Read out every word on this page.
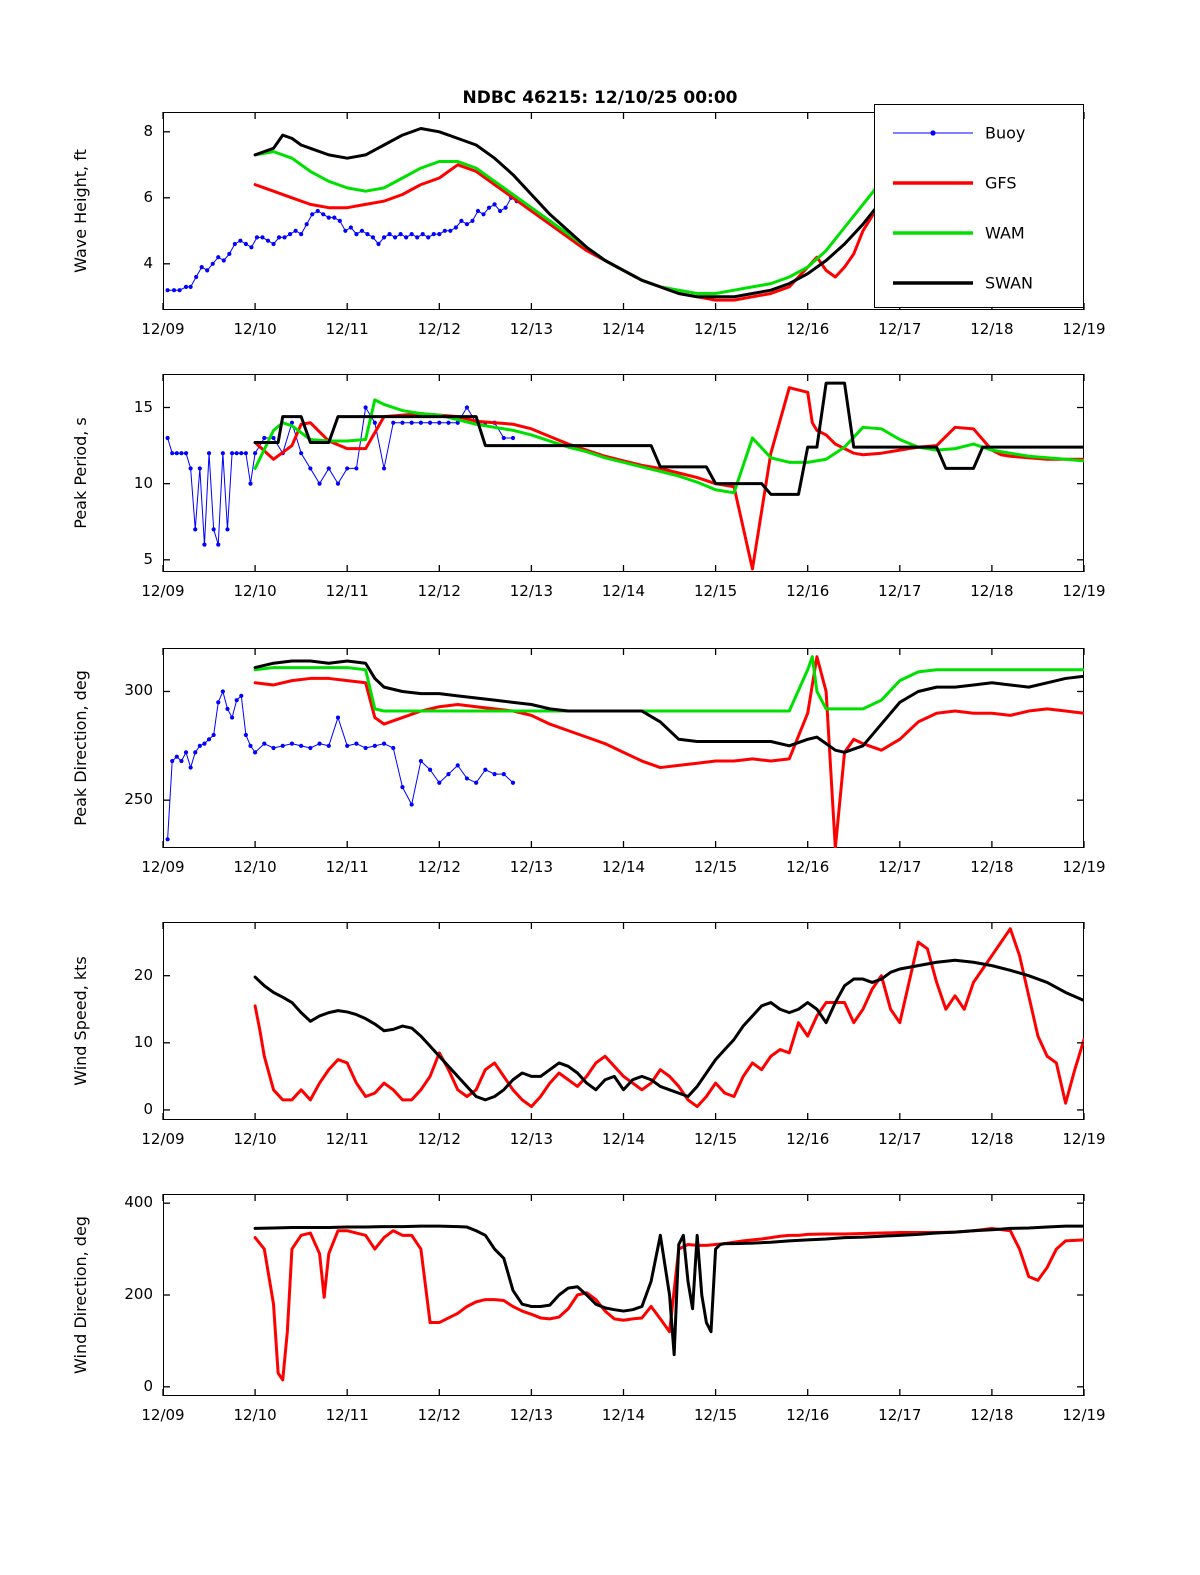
NDBC 46215: 12/10/25 00:00
4
6
8
12/09	12/10	12/11	12/12	12/13	12/14	12/15	12/16	12/17	12/18	12/19
Wave Height, ft
5
10
15
12/09	12/10	12/11	12/12	12/13	12/14	12/15	12/16	12/17	12/18	12/19
Peak Period, s
250
300
12/09	12/10	12/11	12/12	12/13	12/14	12/15	12/16	12/17	12/18	12/19
Peak Direction, deg
0
10
20
12/09	12/10	12/11	12/12	12/13	12/14	12/15	12/16	12/17	12/18	12/19
Wind Speed, kts
0
200
400
12/09	12/10	12/11	12/12	12/13	12/14	12/15	12/16	12/17	12/18	12/19
Wind Direction, deg
Buoy
GFS
WAM
SWAN
